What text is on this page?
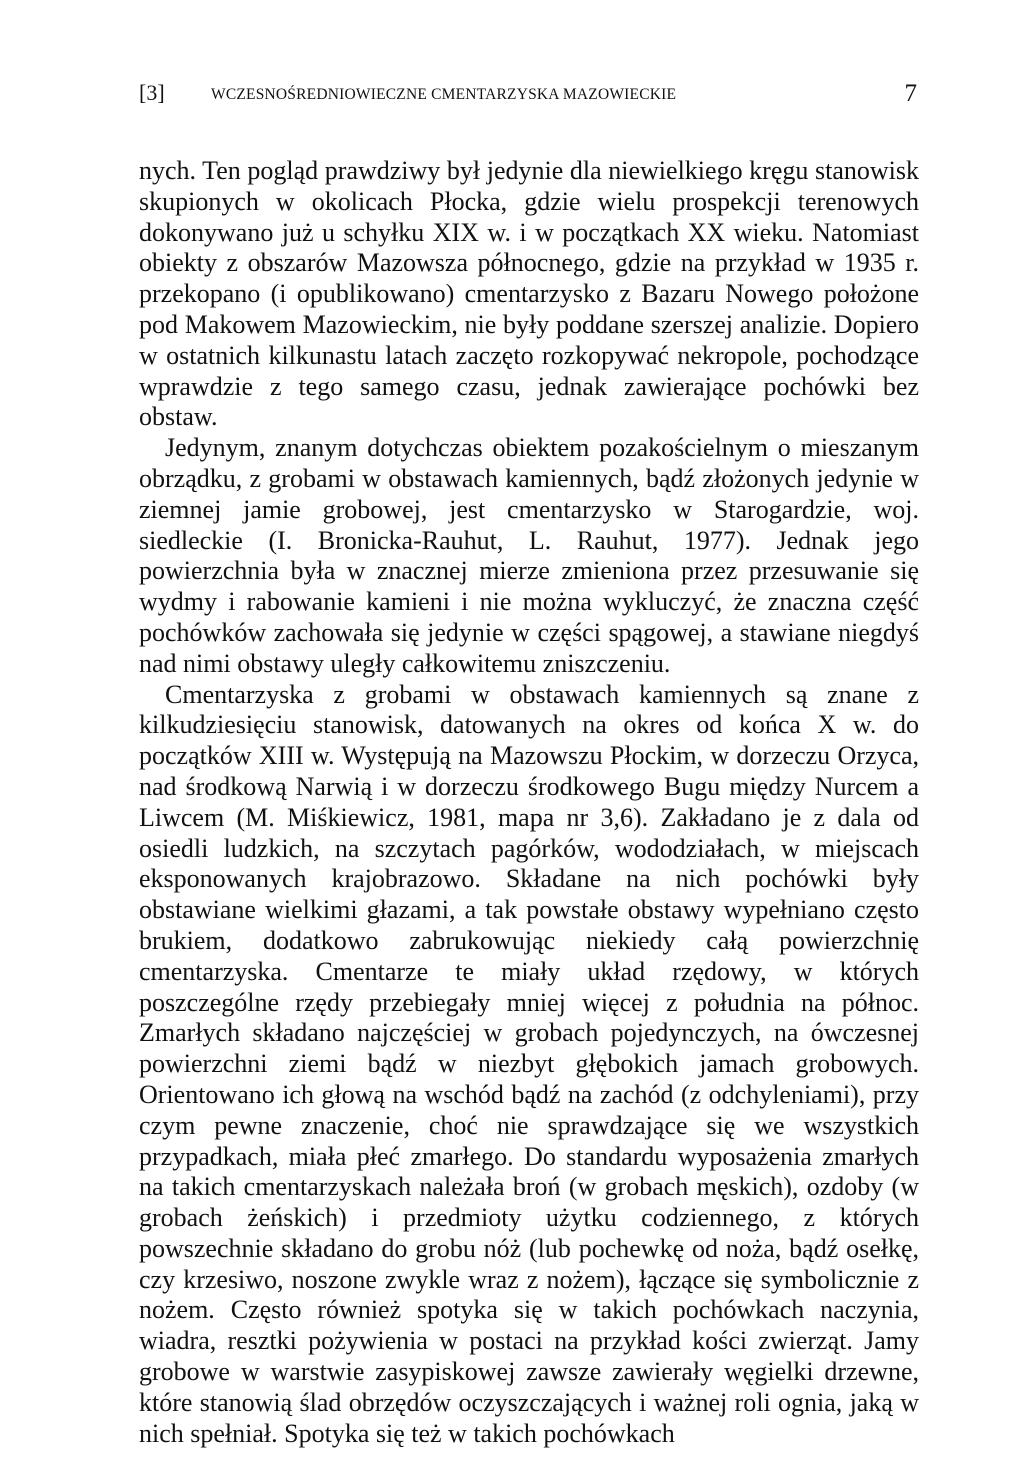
[3]	WCZESNOŚREDNIOWIECZNE CMENTARZYSKA MAZOWIECKIE	7

nych. Ten pogląd prawdziwy był jedynie dla niewielkiego kręgu stanowisk skupionych w okolicach Płocka, gdzie wielu prospekcji terenowych dokonywano już u schyłku XIX w. i w początkach XX wieku. Natomiast obiekty z obszarów Mazowsza północnego, gdzie na przykład w 1935 r. przekopano (i opublikowano) cmentarzysko z Bazaru Nowego położone pod Makowem Mazowieckim, nie były poddane szerszej analizie. Dopiero w ostatnich kilkunastu latach zaczęto rozkopywać nekropole, pochodzące wprawdzie z tego samego czasu, jednak zawierające pochówki bez obstaw.

Jedynym, znanym dotychczas obiektem pozakościelnym o mieszanym obrządku, z grobami w obstawach kamiennych, bądź złożonych jedynie w ziemnej jamie grobowej, jest cmentarzysko w Starogardzie, woj. siedleckie (I. Bronicka-Rauhut, L. Rauhut, 1977). Jednak jego powierzchnia była w znacznej mierze zmieniona przez przesuwanie się wydmy i rabowanie kamieni i nie można wykluczyć, że znaczna część pochówków zachowała się jedynie w części spągowej, a stawiane niegdyś nad nimi obstawy uległy całkowitemu zniszczeniu.

Cmentarzyska z grobami w obstawach kamiennych są znane z kilkudziesięciu stanowisk, datowanych na okres od końca X w. do początków XIII w. Występują na Mazowszu Płockim, w dorzeczu Orzyca, nad środkową Narwią i w dorzeczu środkowego Bugu między Nurcem a Liwcem (M. Miśkiewicz, 1981, mapa nr 3,6). Zakładano je z dala od osiedli ludzkich, na szczytach pagórków, wododziałach, w miejscach eksponowanych krajobrazowo. Składane na nich pochówki były obstawiane wielkimi głazami, a tak powstałe obstawy wypełniano często brukiem, dodatkowo zabrukowując niekiedy całą powierzchnię cmentarzyska. Cmentarze te miały układ rzędowy, w których poszczególne rzędy przebiegały mniej więcej z południa na północ. Zmarłych składano najczęściej w grobach pojedynczych, na ówczesnej powierzchni ziemi bądź w niezbyt głębokich jamach grobowych. Orientowano ich głową na wschód bądź na zachód (z odchyleniami), przy czym pewne znaczenie, choć nie sprawdzające się we wszystkich przypadkach, miała płeć zmarłego. Do standardu wyposażenia zmarłych na takich cmentarzyskach należała broń (w grobach męskich), ozdoby (w grobach żeńskich) i przedmioty użytku codziennego, z których powszechnie składano do grobu nóż (lub pochewkę od noża, bądź osełkę, czy krzesiwo, noszone zwykle wraz z nożem), łączące się symbolicznie z nożem. Często również spotyka się w takich pochówkach naczynia, wiadra, resztki pożywienia w postaci na przykład kości zwierząt. Jamy grobowe w warstwie zasypiskowej zawsze zawierały węgielki drzewne, które stanowią ślad obrzędów oczyszczających i ważnej roli ognia, jaką w nich spełniał. Spotyka się też w takich pochówkach
